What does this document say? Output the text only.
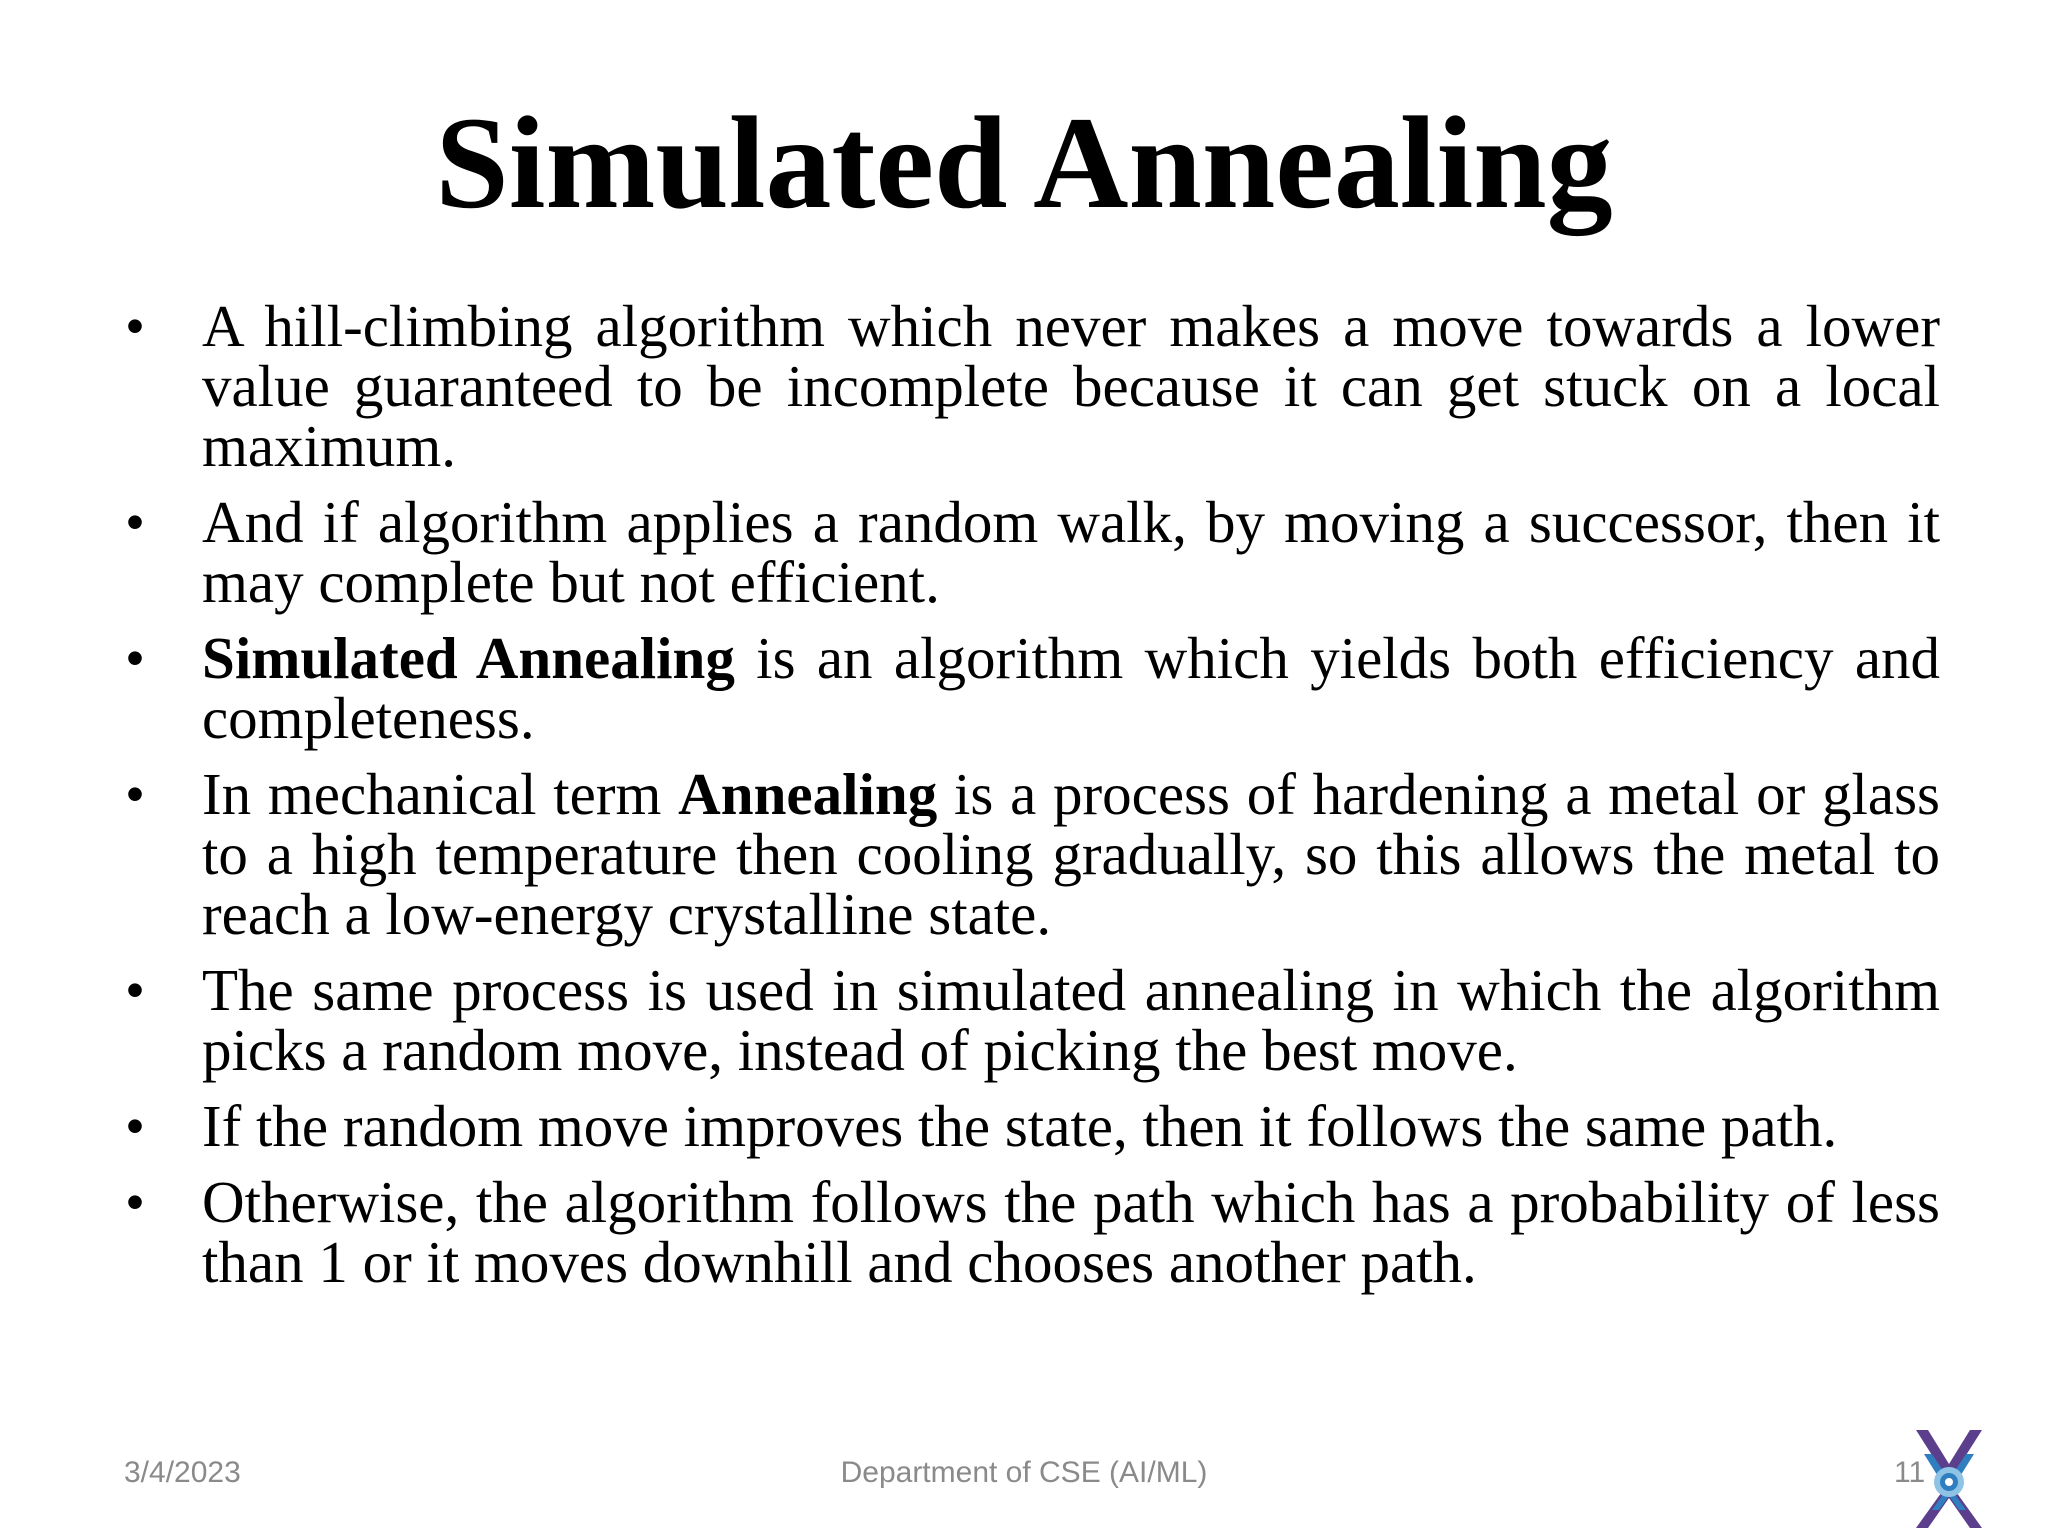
Simulated Annealing
• A hill-climbing algorithm which never makes a move towards a lower value guaranteed to be incomplete because it can get stuck on a local maximum.
• And if algorithm applies a random walk, by moving a successor, then it may complete but not efficient.
• Simulated Annealing is an algorithm which yields both efficiency and completeness.
• In mechanical term Annealing is a process of hardening a metal or glass to a high temperature then cooling gradually, so this allows the metal to reach a low-energy crystalline state.
• The same process is used in simulated annealing in which the algorithm picks a random move, instead of picking the best move.
• If the random move improves the state, then it follows the same path.
• Otherwise, the algorithm follows the path which has a probability of less than 1 or it moves downhill and chooses another path.
3/4/2023	Department of CSE (AI/ML)	11
